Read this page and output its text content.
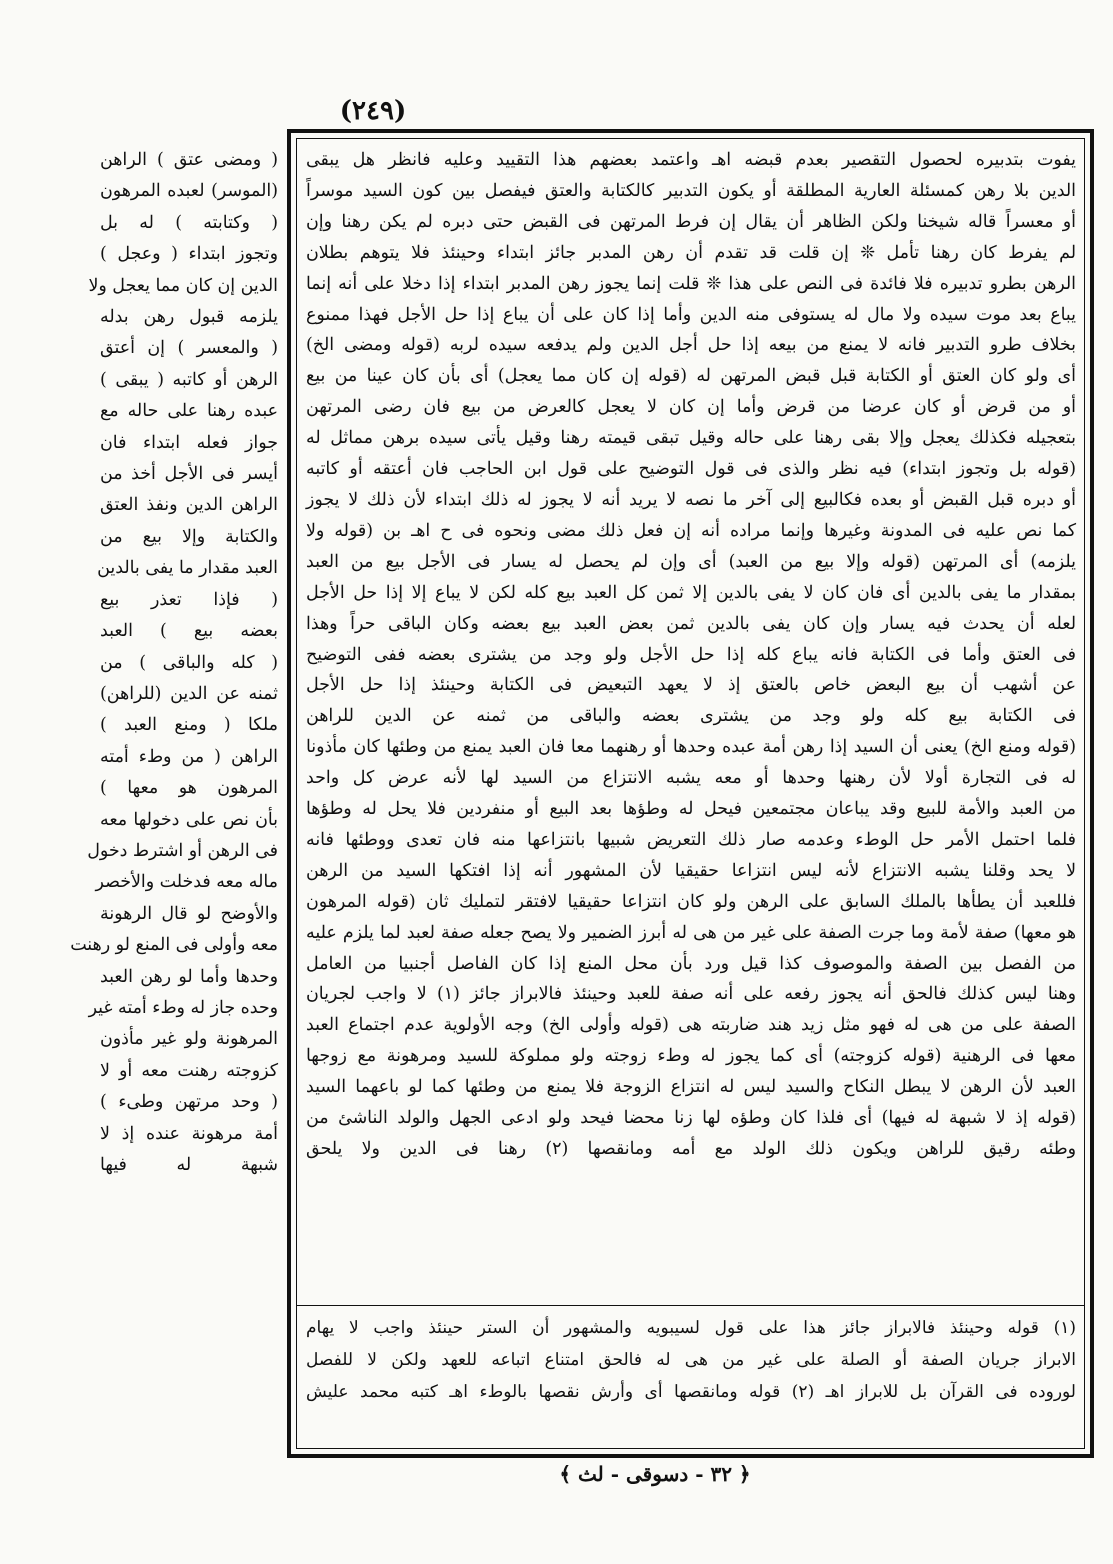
(٢٤٩)
يفوت بتدبيره لحصول التقصير بعدم قبضه اهـ واعتمد بعضهم هذا التقييد وعليه فانظر هل يبقى
الدين بلا رهن كمسئلة العارية المطلقة أو يكون التدبير كالكتابة والعتق فيفصل بين كون السيد موسراً
أو معسراً قاله شيخنا ولكن الظاهر أن يقال إن فرط المرتهن فى القبض حتى دبره لم يكن رهنا وإن
لم يفرط كان رهنا تأمل ❊ إن قلت قد تقدم أن رهن المدبر جائز ابتداء وحينئذ فلا يتوهم بطلان
الرهن بطرو تدبيره فلا فائدة فى النص على هذا ❊ قلت إنما يجوز رهن المدبر ابتداء إذا دخلا على أنه إنما
يباع بعد موت سيده ولا مال له يستوفى منه الدين وأما إذا كان على أن يباع إذا حل الأجل فهذا ممنوع
بخلاف طرو التدبير فانه لا يمنع من بيعه إذا حل أجل الدين ولم يدفعه سيده لربه (قوله ومضى الخ)
أى ولو كان العتق أو الكتابة قبل قبض المرتهن له (قوله إن كان مما يعجل) أى بأن كان عينا من بيع
أو من قرض أو كان عرضا من قرض وأما إن كان لا يعجل كالعرض من بيع فان رضى المرتهن
بتعجيله فكذلك يعجل وإلا بقى رهنا على حاله وقيل تبقى قيمته رهنا وقيل يأتى سيده برهن مماثل له
(قوله بل وتجوز ابتداء) فيه نظر والذى فى قول التوضيح على قول ابن الحاجب فان أعتقه أو كاتبه
أو دبره قبل القبض أو بعده فكالبيع إلى آخر ما نصه لا يريد أنه لا يجوز له ذلك ابتداء لأن ذلك لا يجوز
كما نص عليه فى المدونة وغيرها وإنما مراده أنه إن فعل ذلك مضى ونحوه فى ح اهـ بن (قوله ولا
يلزمه) أى المرتهن (قوله وإلا بيع من العبد) أى وإن لم يحصل له يسار فى الأجل بيع من العبد
بمقدار ما يفى بالدين أى فان كان لا يفى بالدين إلا ثمن كل العبد بيع كله لكن لا يباع إلا إذا حل الأجل
لعله أن يحدث فيه يسار وإن كان يفى بالدين ثمن بعض العبد بيع بعضه وكان الباقى حراً وهذا
فى العتق وأما فى الكتابة فانه يباع كله إذا حل الأجل ولو وجد من يشترى بعضه ففى التوضيح
عن أشهب أن بيع البعض خاص بالعتق إذ لا يعهد التبعيض فى الكتابة وحينئذ إذا حل الأجل
فى الكتابة بيع كله ولو وجد من يشترى بعضه والباقى من ثمنه عن الدين للراهن
(قوله ومنع الخ) يعنى أن السيد إذا رهن أمة عبده وحدها أو رهنهما معا فان العبد يمنع من وطئها كان مأذونا
له فى التجارة أولا لأن رهنها وحدها أو معه يشبه الانتزاع من السيد لها لأنه عرض كل واحد
من العبد والأمة للبيع وقد يباعان مجتمعين فيحل له وطؤها بعد البيع أو منفردين فلا يحل له وطؤها
فلما احتمل الأمر حل الوطء وعدمه صار ذلك التعريض شبيها بانتزاعها منه فان تعدى ووطئها فانه
لا يحد وقلنا يشبه الانتزاع لأنه ليس انتزاعا حقيقيا لأن المشهور أنه إذا افتكها السيد من الرهن
فللعبد أن يطأها بالملك السابق على الرهن ولو كان انتزاعا حقيقيا لافتقر لتمليك ثان (قوله المرهون
هو معها) صفة لأمة وما جرت الصفة على غير من هى له أبرز الضمير ولا يصح جعله صفة لعبد لما يلزم عليه
من الفصل بين الصفة والموصوف كذا قيل ورد بأن محل المنع إذا كان الفاصل أجنبيا من العامل
وهنا ليس كذلك فالحق أنه يجوز رفعه على أنه صفة للعبد وحينئذ فالابراز جائز (١) لا واجب لجريان
الصفة على من هى له فهو مثل زيد هند ضاربته هى (قوله وأولى الخ) وجه الأولوية عدم اجتماع العبد
معها فى الرهنية (قوله كزوجته) أى كما يجوز له وطء زوجته ولو مملوكة للسيد ومرهونة مع زوجها
العبد لأن الرهن لا يبطل النكاح والسيد ليس له انتزاع الزوجة فلا يمنع من وطئها كما لو باعهما السيد
(قوله إذ لا شبهة له فيها) أى فلذا كان وطؤه لها زنا محضا فيحد ولو ادعى الجهل والولد الناشئ من
وطئه رقيق للراهن ويكون ذلك الولد مع أمه ومانقصها (٢) رهنا فى الدين ولا يلحق
(١) قوله وحينئذ فالابراز جائز هذا على قول لسيبويه والمشهور أن الستر حينئذ واجب لا يهام
الابراز جريان الصفة أو الصلة على غير من هى له فالحق امتناع اتباعه للعهد ولكن لا للفصل
لوروده فى القرآن بل للابراز اهـ (٢) قوله ومانقصها أى وأرش نقصها بالوطء اهـ كتبه محمد عليش
( ومضى عتق ) الراهن
(الموسر) لعبده المرهون
( وكتابته ) له بل
وتجوز ابتداء ( وعجل )
الدين إن كان مما يعجل ولا
يلزمه قبول رهن بدله
( والمعسر ) إن أعتق
الرهن أو كاتبه ( يبقى )
عبده رهنا على حاله مع
جواز فعله ابتداء فان
أيسر فى الأجل أخذ من
الراهن الدين ونفذ العتق
والكتابة وإلا بيع من
العبد مقدار ما يفى بالدين
( فإذا تعذر بيع
بعضه بيع ) العبد
( كله والباقى ) من
ثمنه عن الدين (للراهن)
ملكا ( ومنع العبد )
الراهن ( من وطء أمته
المرهون هو معها )
بأن نص على دخولها معه
فى الرهن أو اشترط دخول
ماله معه فدخلت والأخصر
والأوضح لو قال الرهونة
معه وأولى فى المنع لو رهنت
وحدها وأما لو رهن العبد
وحده جاز له وطء أمته غير
المرهونة ولو غير مأذون
كزوجته رهنت معه أو لا
( وحد مرتهن وطىء )
أمة مرهونة عنده إذ لا
شبهة له فيها
﴿ ٣٢ - دسوقى - لث ﴾
